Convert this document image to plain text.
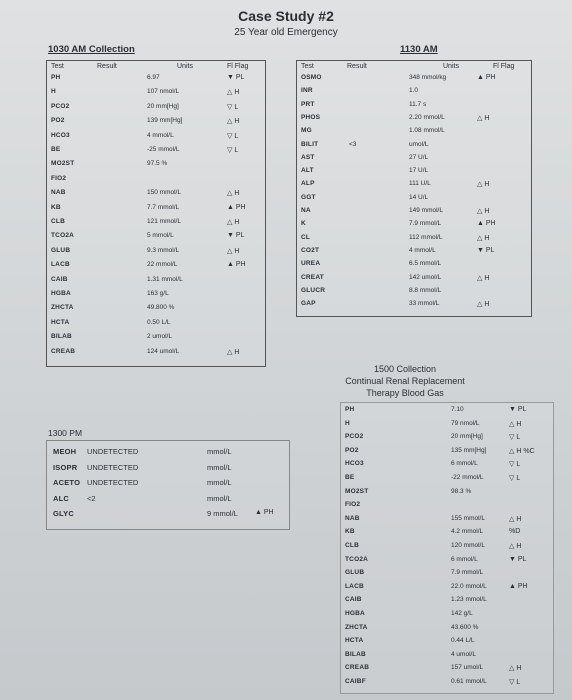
Case Study #2
25 Year old Emergency
1030 AM Collection
Test	Result	Units	Fl Flag
PH	6.97	▼ PL
H	107 nmol/L	△ H
PCO2	20 mm[Hg]	▽ L
PO2	139 mm[Hg]	△ H
HCO3	4 mmol/L	▽ L
BE	-25 mmol/L	▽ L
MO2ST	97.5 %
FIO2
NAB	150 mmol/L	△ H
KB	7.7 mmol/L	▲ PH
CLB	121 mmol/L	△ H
TCO2A	5 mmol/L	▼ PL
GLUB	9.3 mmol/L	△ H
LACB	22 mmol/L	▲ PH
CAIB	1.31 mmol/L
HGBA	163 g/L
ZHCTA	49.800 %
HCTA	0.50 L/L
BILAB	2 umol/L
CREAB	124 umol/L	△ H
1130 AM
Test	Result	Units	Fl Flag
OSMO	348 mmol/kg	▲ PH
INR	1.0
PRT	11.7 s
PHOS	2.20 mmol/L	△ H
MG	1.08 mmol/L
BILIT	<3	umol/L
AST	27 U/L
ALT	17 U/L
ALP	111 U/L	△ H
GGT	14 U/L
NA	149 mmol/L	△ H
K	7.9 mmol/L	▲ PH
CL	112 mmol/L	△ H
CO2T	4 mmol/L	▼ PL
UREA	6.5 mmol/L
CREAT	142 umol/L	△ H
GLUCR	8.8 mmol/L
GAP	33 mmol/L	△ H
1300 PM
MEOH UNDETECTED	mmol/L
ISOPR UNDETECTED	mmol/L
ACETO UNDETECTED	mmol/L
ALC <2	mmol/L
GLYC	9 mmol/L ▲ PH
1500 Collection
Continual Renal Replacement
Therapy Blood Gas
PH	7.10	▼ PL
H	79 nmol/L	△ H
PCO2	20 mm[Hg]	▽ L
PO2	135 mm[Hg]	△ H %C
HCO3	6 mmol/L	▽ L
BE	-22 mmol/L	▽ L
MO2ST	98.3 %
FIO2
NAB	155 mmol/L	△ H
KB	4.2 mmol/L	%D
CLB	120 mmol/L	△ H
TCO2A	6 mmol/L	▼ PL
GLUB	7.9 mmol/L
LACB	22.0 mmol/L	▲ PH
CAIB	1.23 mmol/L
HGBA	142 g/L
ZHCTA	43.600 %
HCTA	0.44 L/L
BILAB	4 umol/L
CREAB	157 umol/L	△ H
CAIBF	0.61 mmol/L	▽ L
